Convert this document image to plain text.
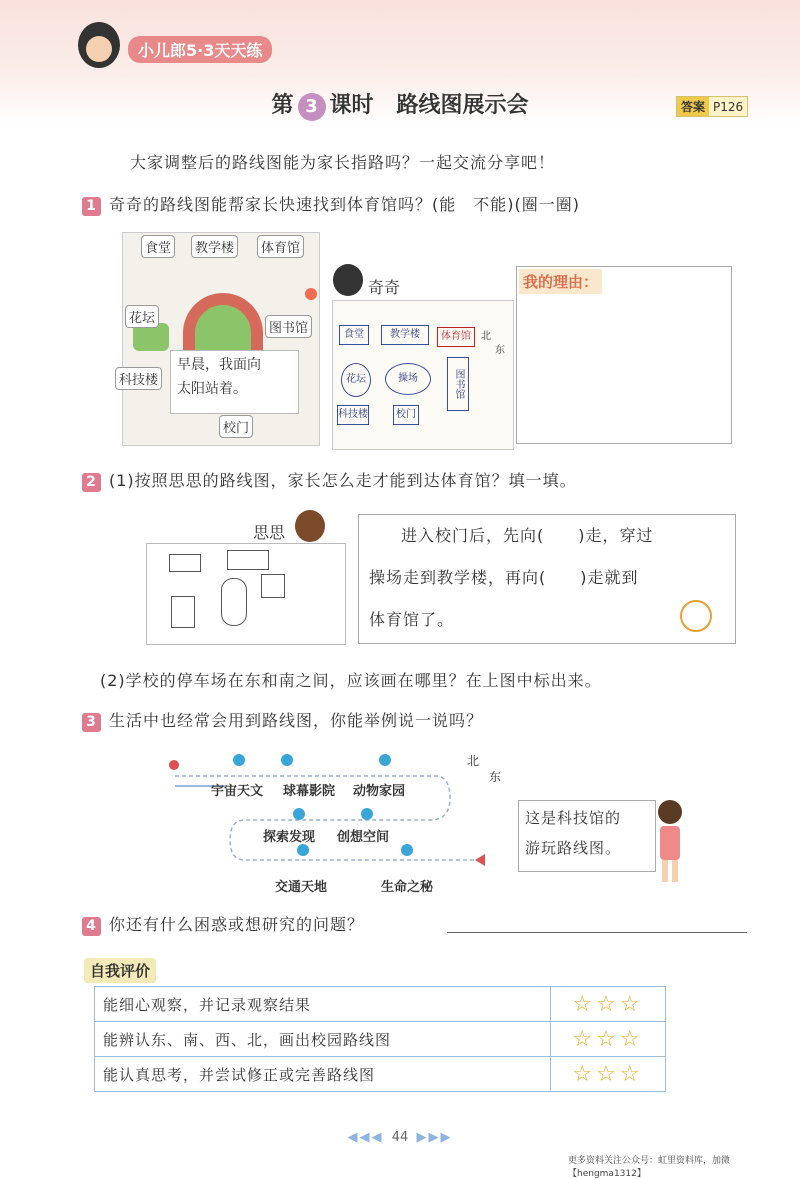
小儿郎5·3天天练
第 3 课时 路线图展示会	答案 P126
大家调整后的路线图能为家长指路吗？一起交流分享吧！
1 奇奇的路线图能帮家长快速找到体育馆吗？(能　不能)(圈一圈)
食堂	教学楼	体育馆
花坛
图书馆
科技楼
校门
早晨，我面向
太阳站着。
奇奇
食堂	教学楼	体育馆
花坛	操场	图书馆
科技楼	校门
北
东
我的理由：
2 (1)按照思思的路线图，家长怎么走才能到达体育馆？填一填。
思思	进入校门后，先向(　　)走，穿过
操场走到教学楼，再向(　　)走就到
体育馆了。
(2)学校的停车场在东和南之间，应该画在哪里？在上图中标出来。
3 生活中也经常会用到路线图，你能举例说一说吗？
宇宙天文 球幕影院 动物家园
探索发现 创想空间
交通天地	生命之秘
北
东
这是科技馆的
游玩路线图。
4 你还有什么困惑或想研究的问题？
自我评价
能细心观察，并记录观察结果	☆☆☆
能辨认东、南、西、北，画出校园路线图	☆☆☆
能认真思考，并尝试修正或完善路线图	☆☆☆
◀◀◀ 44 ▶▶▶
更多资料关注公众号：虹里资料库，加微【hengma1312】
